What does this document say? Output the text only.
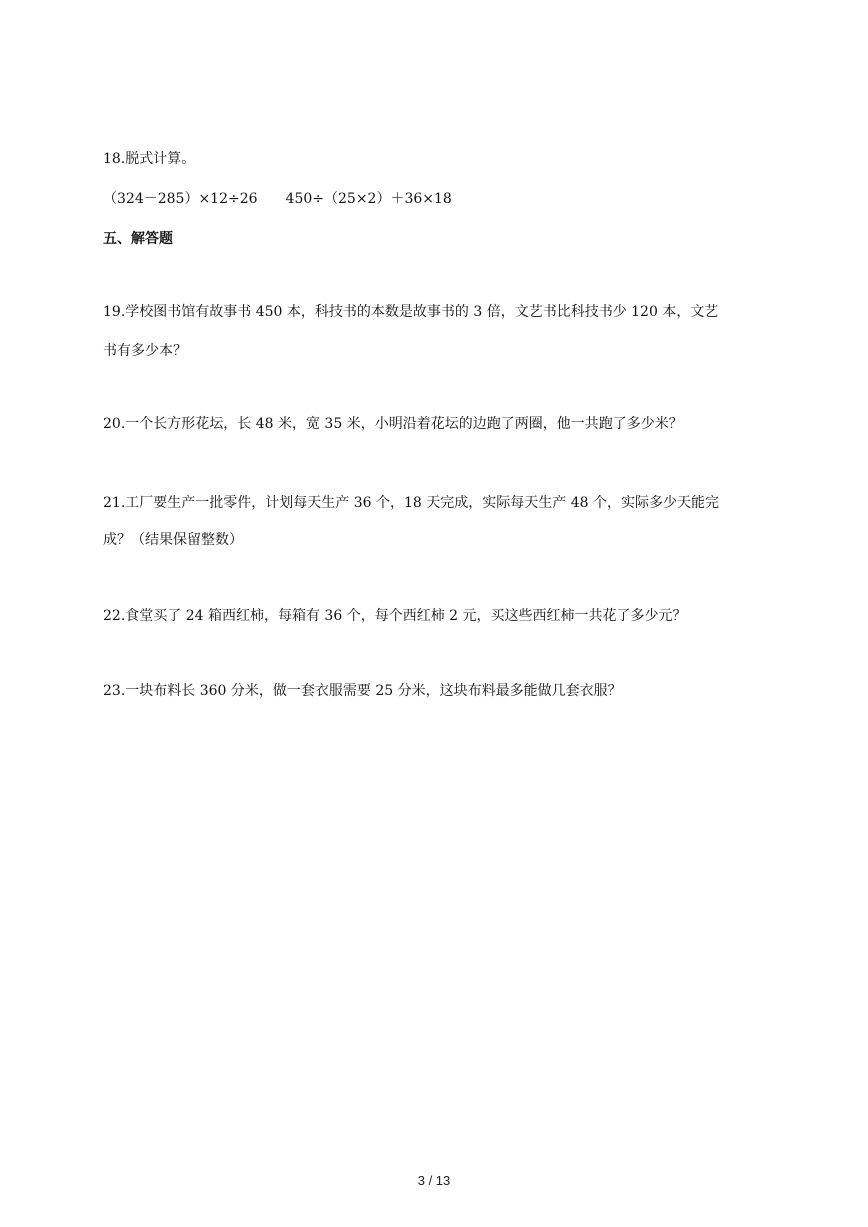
18.脱式计算。
（324－285）×12÷26 450÷（25×2）＋36×18
五、解答题
19.学校图书馆有故事书 450 本，科技书的本数是故事书的 3 倍，文艺书比科技书少 120 本，文艺
书有多少本？
20.一个长方形花坛，长 48 米，宽 35 米，小明沿着花坛的边跑了两圈，他一共跑了多少米？
21.工厂要生产一批零件，计划每天生产 36 个，18 天完成，实际每天生产 48 个，实际多少天能完
成？（结果保留整数）
22.食堂买了 24 箱西红柿，每箱有 36 个，每个西红柿 2 元，买这些西红柿一共花了多少元？
23.一块布料长 360 分米，做一套衣服需要 25 分米，这块布料最多能做几套衣服？
3 / 13
